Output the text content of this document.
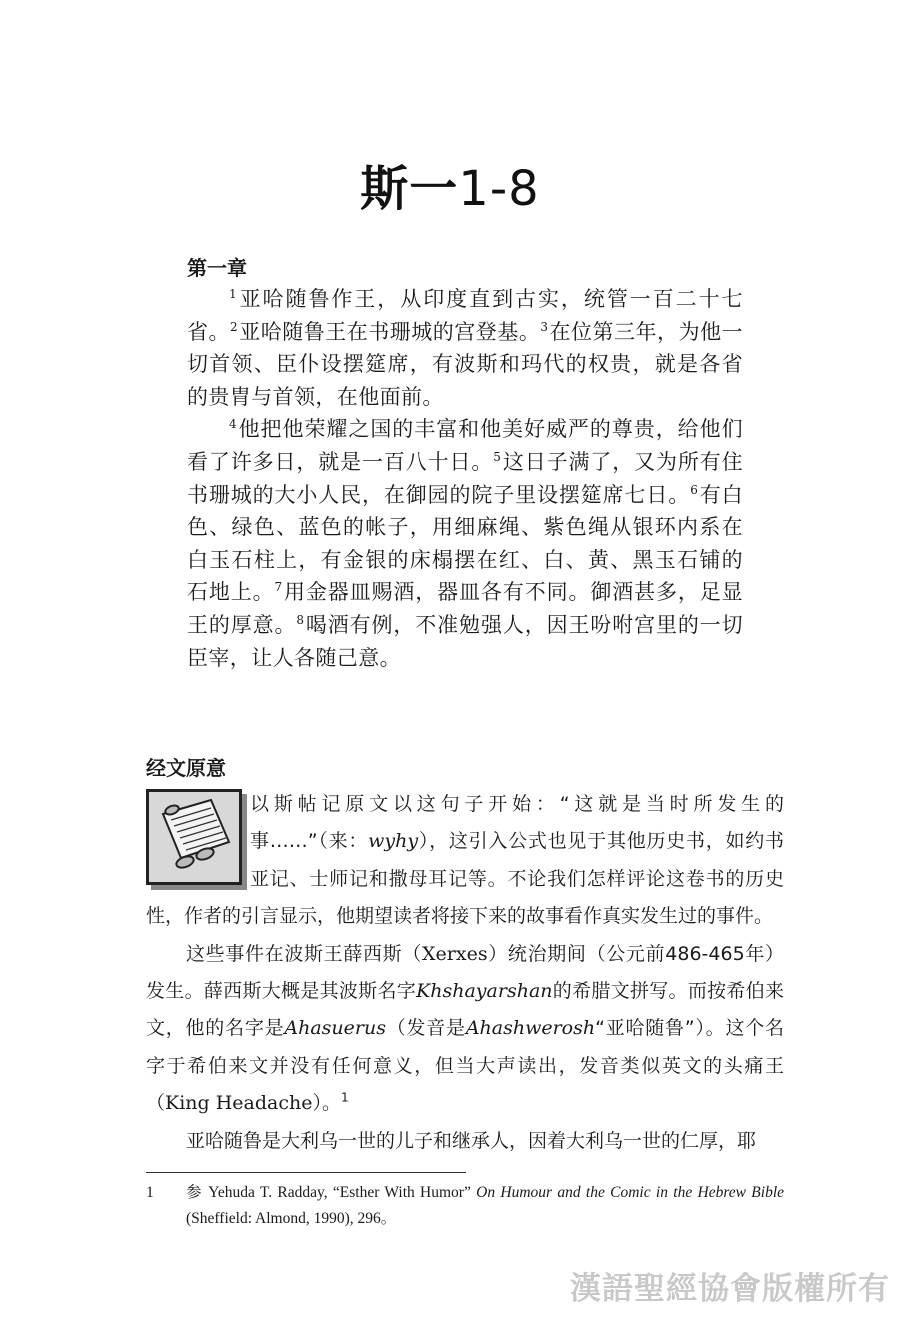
斯一1-8
第一章

$^1$亚哈随鲁作王，从印度直到古实，统管一百二十七省。$^2$亚哈随鲁王在书珊城的宫登基。$^3$在位第三年，为他一切首领、臣仆设摆筵席，有波斯和玛代的权贵，就是各省的贵胄与首领，在他面前。

$^4$他把他荣耀之国的丰富和他美好威严的尊贵，给他们看了许多日，就是一百八十日。$^5$这日子满了，又为所有住书珊城的大小人民，在御园的院子里设摆筵席七日。$^6$有白色、绿色、蓝色的帐子，用细麻绳、紫色绳从银环内系在白玉石柱上，有金银的床榻摆在红、白、黄、黑玉石铺的石地上。$^7$用金器皿赐酒，器皿各有不同。御酒甚多，足显王的厚意。$^8$喝酒有例，不准勉强人，因王吩咐宫里的一切臣宰，让人各随己意。

经文原意

以斯帖记原文以这句子开始：“这就是当时所发生的事……”（来：wyhy），这引入公式也见于其他历史书，如约书亚记、士师记和撒母耳记等。不论我们怎样评论这卷书的历史性，作者的引言显示，他期望读者将接下来的故事看作真实发生过的事件。

这些事件在波斯王薛西斯（Xerxes）统治期间（公元前486-465年）发生。薛西斯大概是其波斯名字Khshayarshan的希腊文拼写。而按希伯来文，他的名字是Ahasuerus（发音是Ahashwerosh“亚哈随鲁”）。这个名字于希伯来文并没有任何意义，但当大声读出，发音类似英文的头痛王（King Headache）。$^1$

亚哈随鲁是大利乌一世的儿子和继承人，因着大利乌一世的仁厚，耶

1 参 Yehuda T. Radday, “Esther With Humor” On Humour and the Comic in the Hebrew Bible (Sheffield: Almond, 1990), 296。
漢語聖經協會版權所有
